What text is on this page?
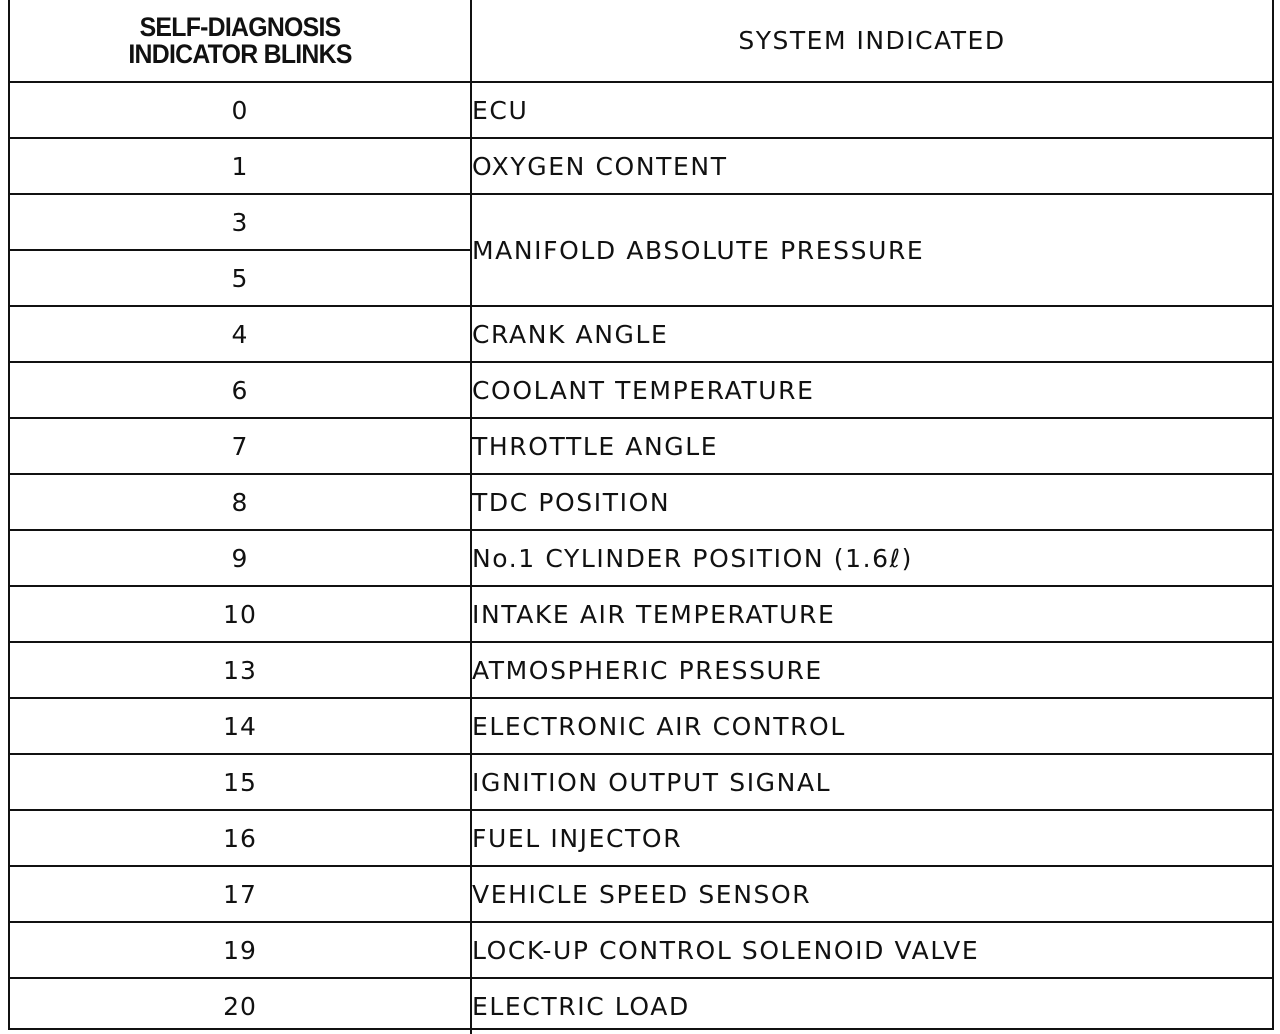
SELF-DIAGNOSIS
INDICATOR BLINKS	SYSTEM INDICATED
0	ECU
1	OXYGEN CONTENT
3	MANIFOLD ABSOLUTE PRESSURE
5	
4	CRANK ANGLE
6	COOLANT TEMPERATURE
7	THROTTLE ANGLE
8	TDC POSITION
9	No.1 CYLINDER POSITION (1.6ℓ)
10	INTAKE AIR TEMPERATURE
13	ATMOSPHERIC PRESSURE
14	ELECTRONIC AIR CONTROL
15	IGNITION OUTPUT SIGNAL
16	FUEL INJECTOR
17	VEHICLE SPEED SENSOR
19	LOCK-UP CONTROL SOLENOID VALVE
20	ELECTRIC LOAD
